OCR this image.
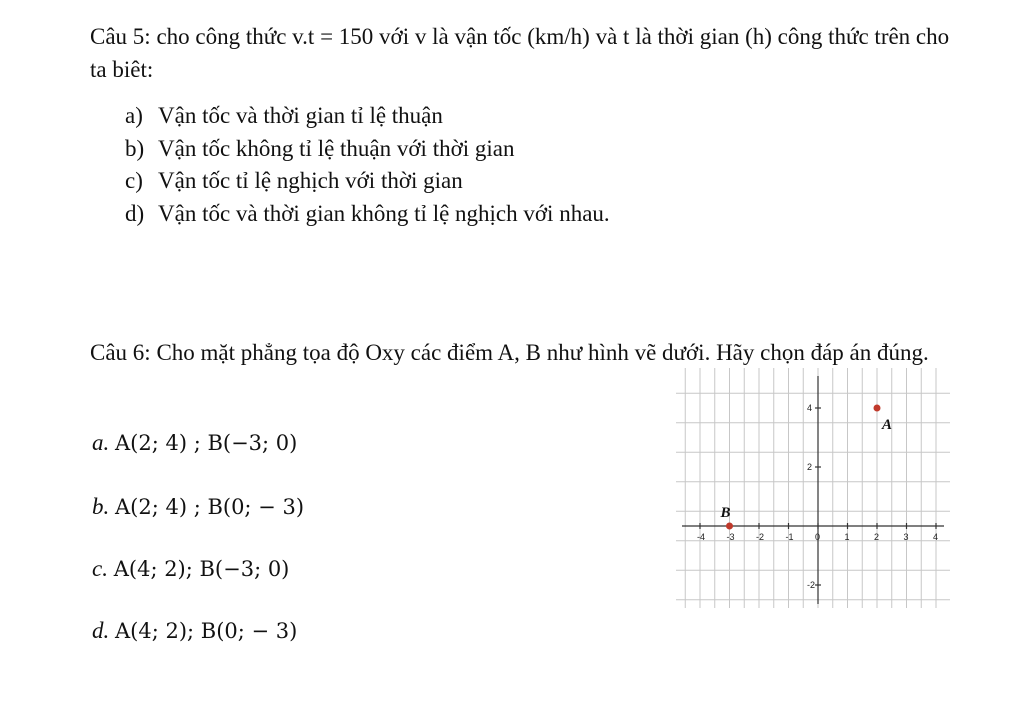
Câu 5: cho công thức v.t = 150 với v là vận tốc (km/h) và t là thời gian (h) công thức trên cho ta biêt:
a) Vận tốc và thời gian tỉ lệ thuận
b) Vận tốc không tỉ lệ thuận với thời gian
c) Vận tốc tỉ lệ nghịch với thời gian
d) Vận tốc và thời gian không tỉ lệ nghịch với nhau.
Câu 6: Cho mặt phẳng tọa độ Oxy các điểm A, B như hình vẽ dưới. Hãy chọn đáp án đúng.
a. A(2; 4) ; B(−3; 0)
b. A(2; 4) ; B(0; − 3)
c. A(4; 2); B(−3; 0)
d. A(4; 2); B(0; − 3)
-4 -3 -2 -1 0	1	2	3	4
4
2
-2
A
B
